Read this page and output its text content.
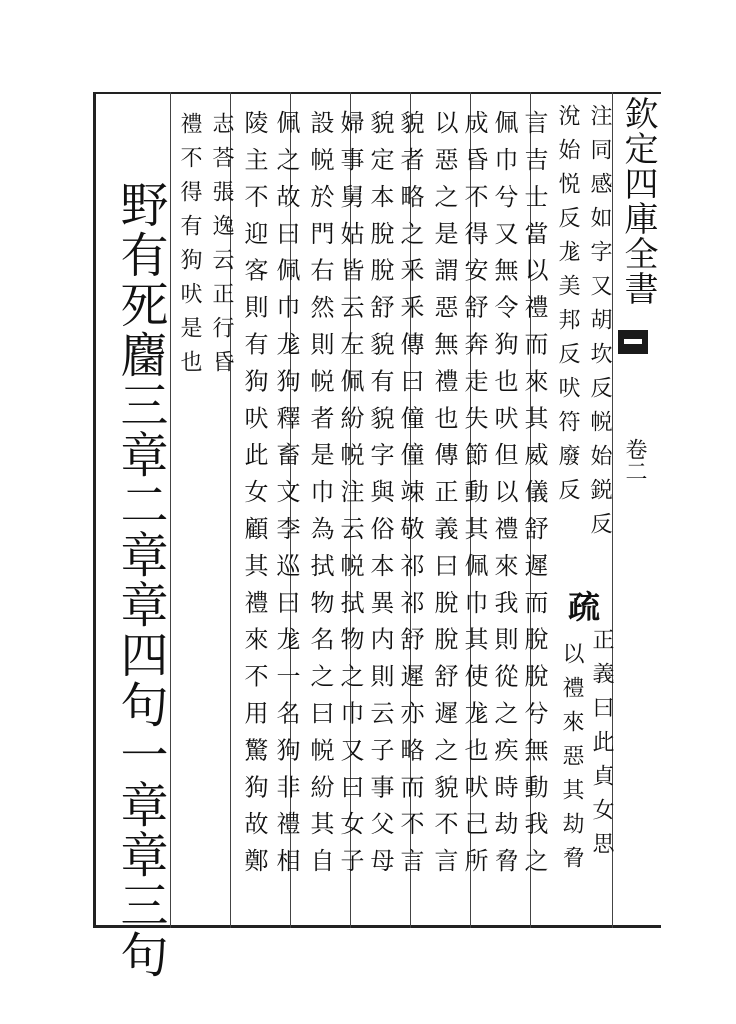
欽定四庫全書
卷二
注同感如字又胡坎反帨始鋭反
涗始悦反尨美邦反吠符廢反
言吉士當以禮而來其威儀舒遲而脫脫兮無動我之
佩巾兮又無令狗也吠但以禮來我則從之疾時劫脅
成昏不得安舒奔走失節動其佩巾其使尨也吠己所
以惡之是謂惡無禮也傳正義曰脫脫舒遲之貌不言
貌者略之釆釆傳曰僮僮竦敬祁祁舒遲亦略而不言
貌定本脫脫舒貌有貌字與俗本異内則云子事父母
婦事舅姑皆云左佩紛帨注云帨拭物之巾又曰女子
設帨於門右然則帨者是巾為拭物名之曰帨紛其自
佩之故曰佩巾尨狗釋畜文李巡曰尨一名狗非禮相
陵主不迎客則有狗吠此女顧其禮來不用驚狗故鄭
志荅張逸云正行昏
禮不得有狗吠是也
疏
正義曰此貞女思
以禮來惡其劫脅
野有死麕三章二章章四句一章章三句
